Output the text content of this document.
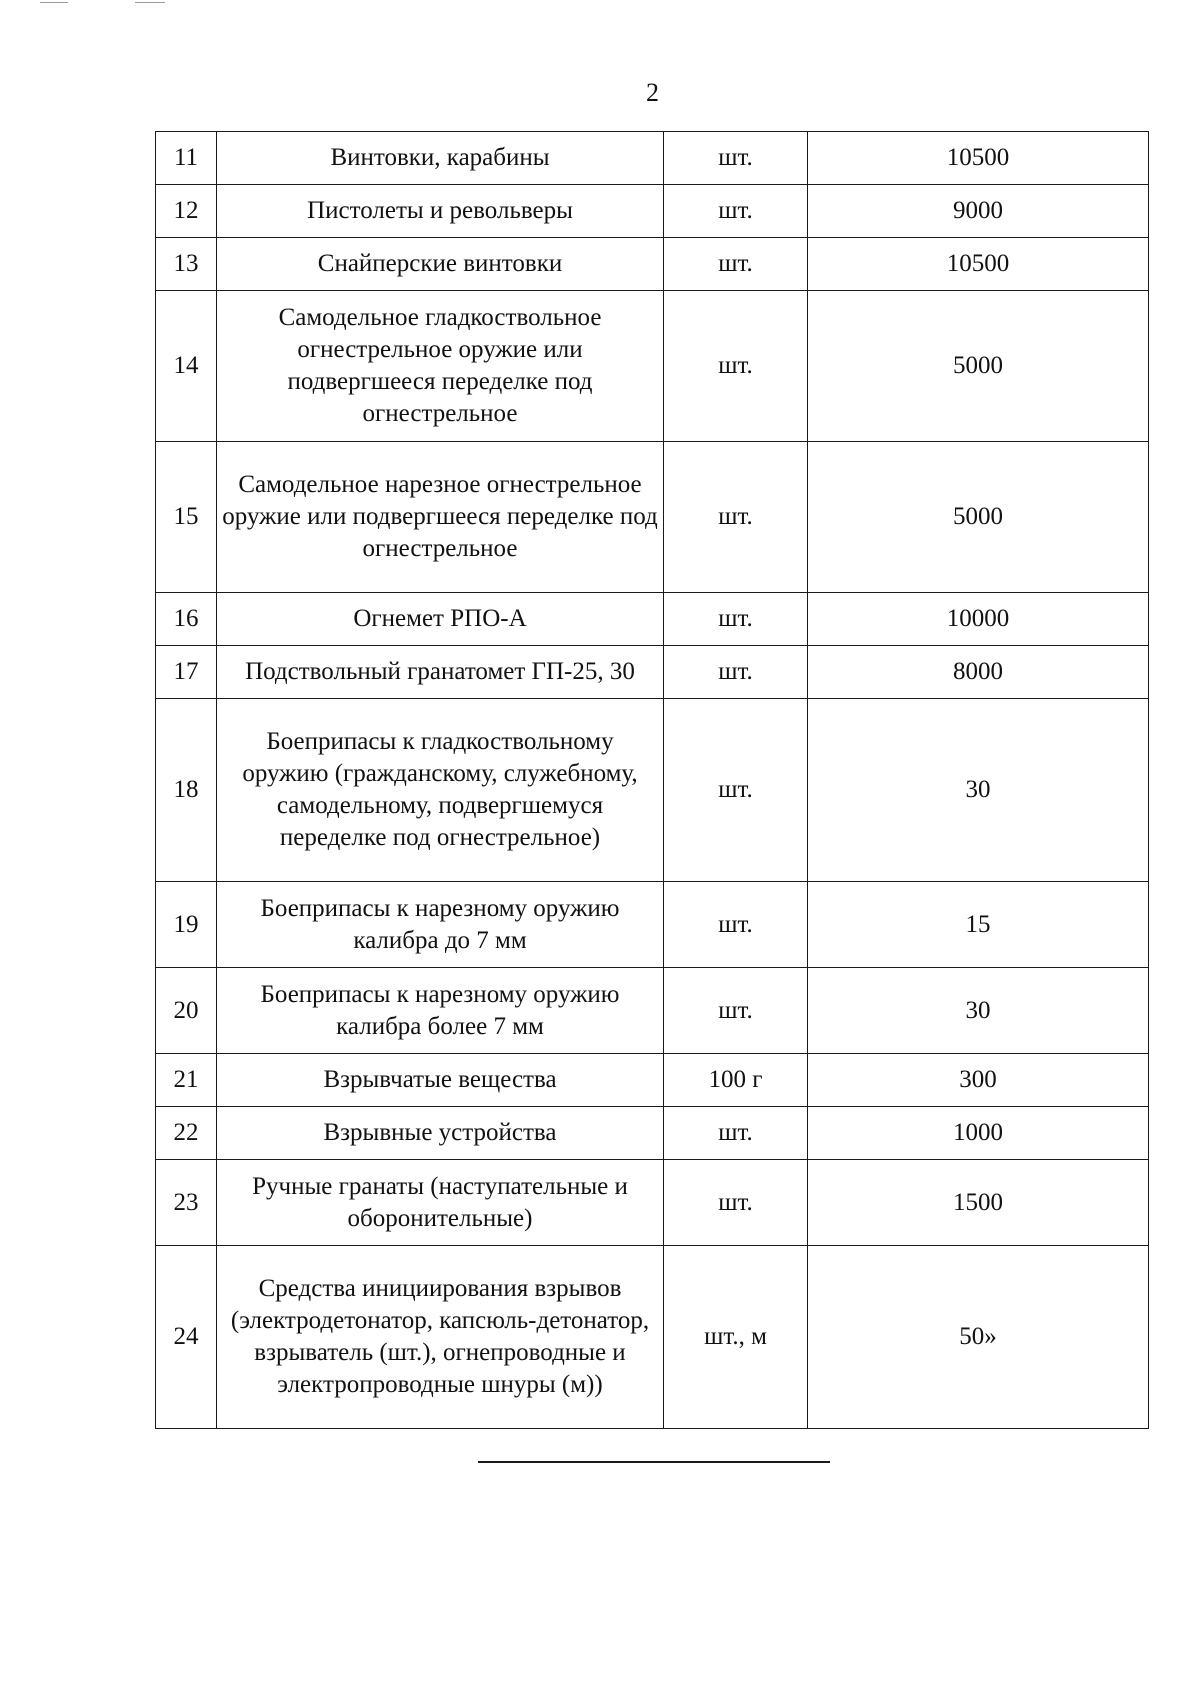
2
11	Винтовки, карабины	шт.	10500
12	Пистолеты и револьверы	шт.	9000
13	Снайперские винтовки	шт.	10500
14	Самодельное гладкоствольное огнестрельное оружие или подвергшееся переделке под огнестрельное	шт.	5000
15	Самодельное нарезное огнестрельное оружие или подвергшееся переделке под огнестрельное	шт.	5000
16	Огнемет РПО-А	шт.	10000
17	Подствольный гранатомет ГП-25, 30	шт.	8000
18	Боеприпасы к гладкоствольному оружию (гражданскому, служебному, самодельному, подвергшемуся переделке под огнестрельное)	шт.	30
19	Боеприпасы к нарезному оружию калибра до 7 мм	шт.	15
20	Боеприпасы к нарезному оружию калибра более 7 мм	шт.	30
21	Взрывчатые вещества	100 г	300
22	Взрывные устройства	шт.	1000
23	Ручные гранаты (наступательные и оборонительные)	шт.	1500
24	Средства инициирования взрывов (электродетонатор, капсюль-детонатор, взрыватель (шт.), огнепроводные и электропроводные шнуры (м))	шт., м	50»
